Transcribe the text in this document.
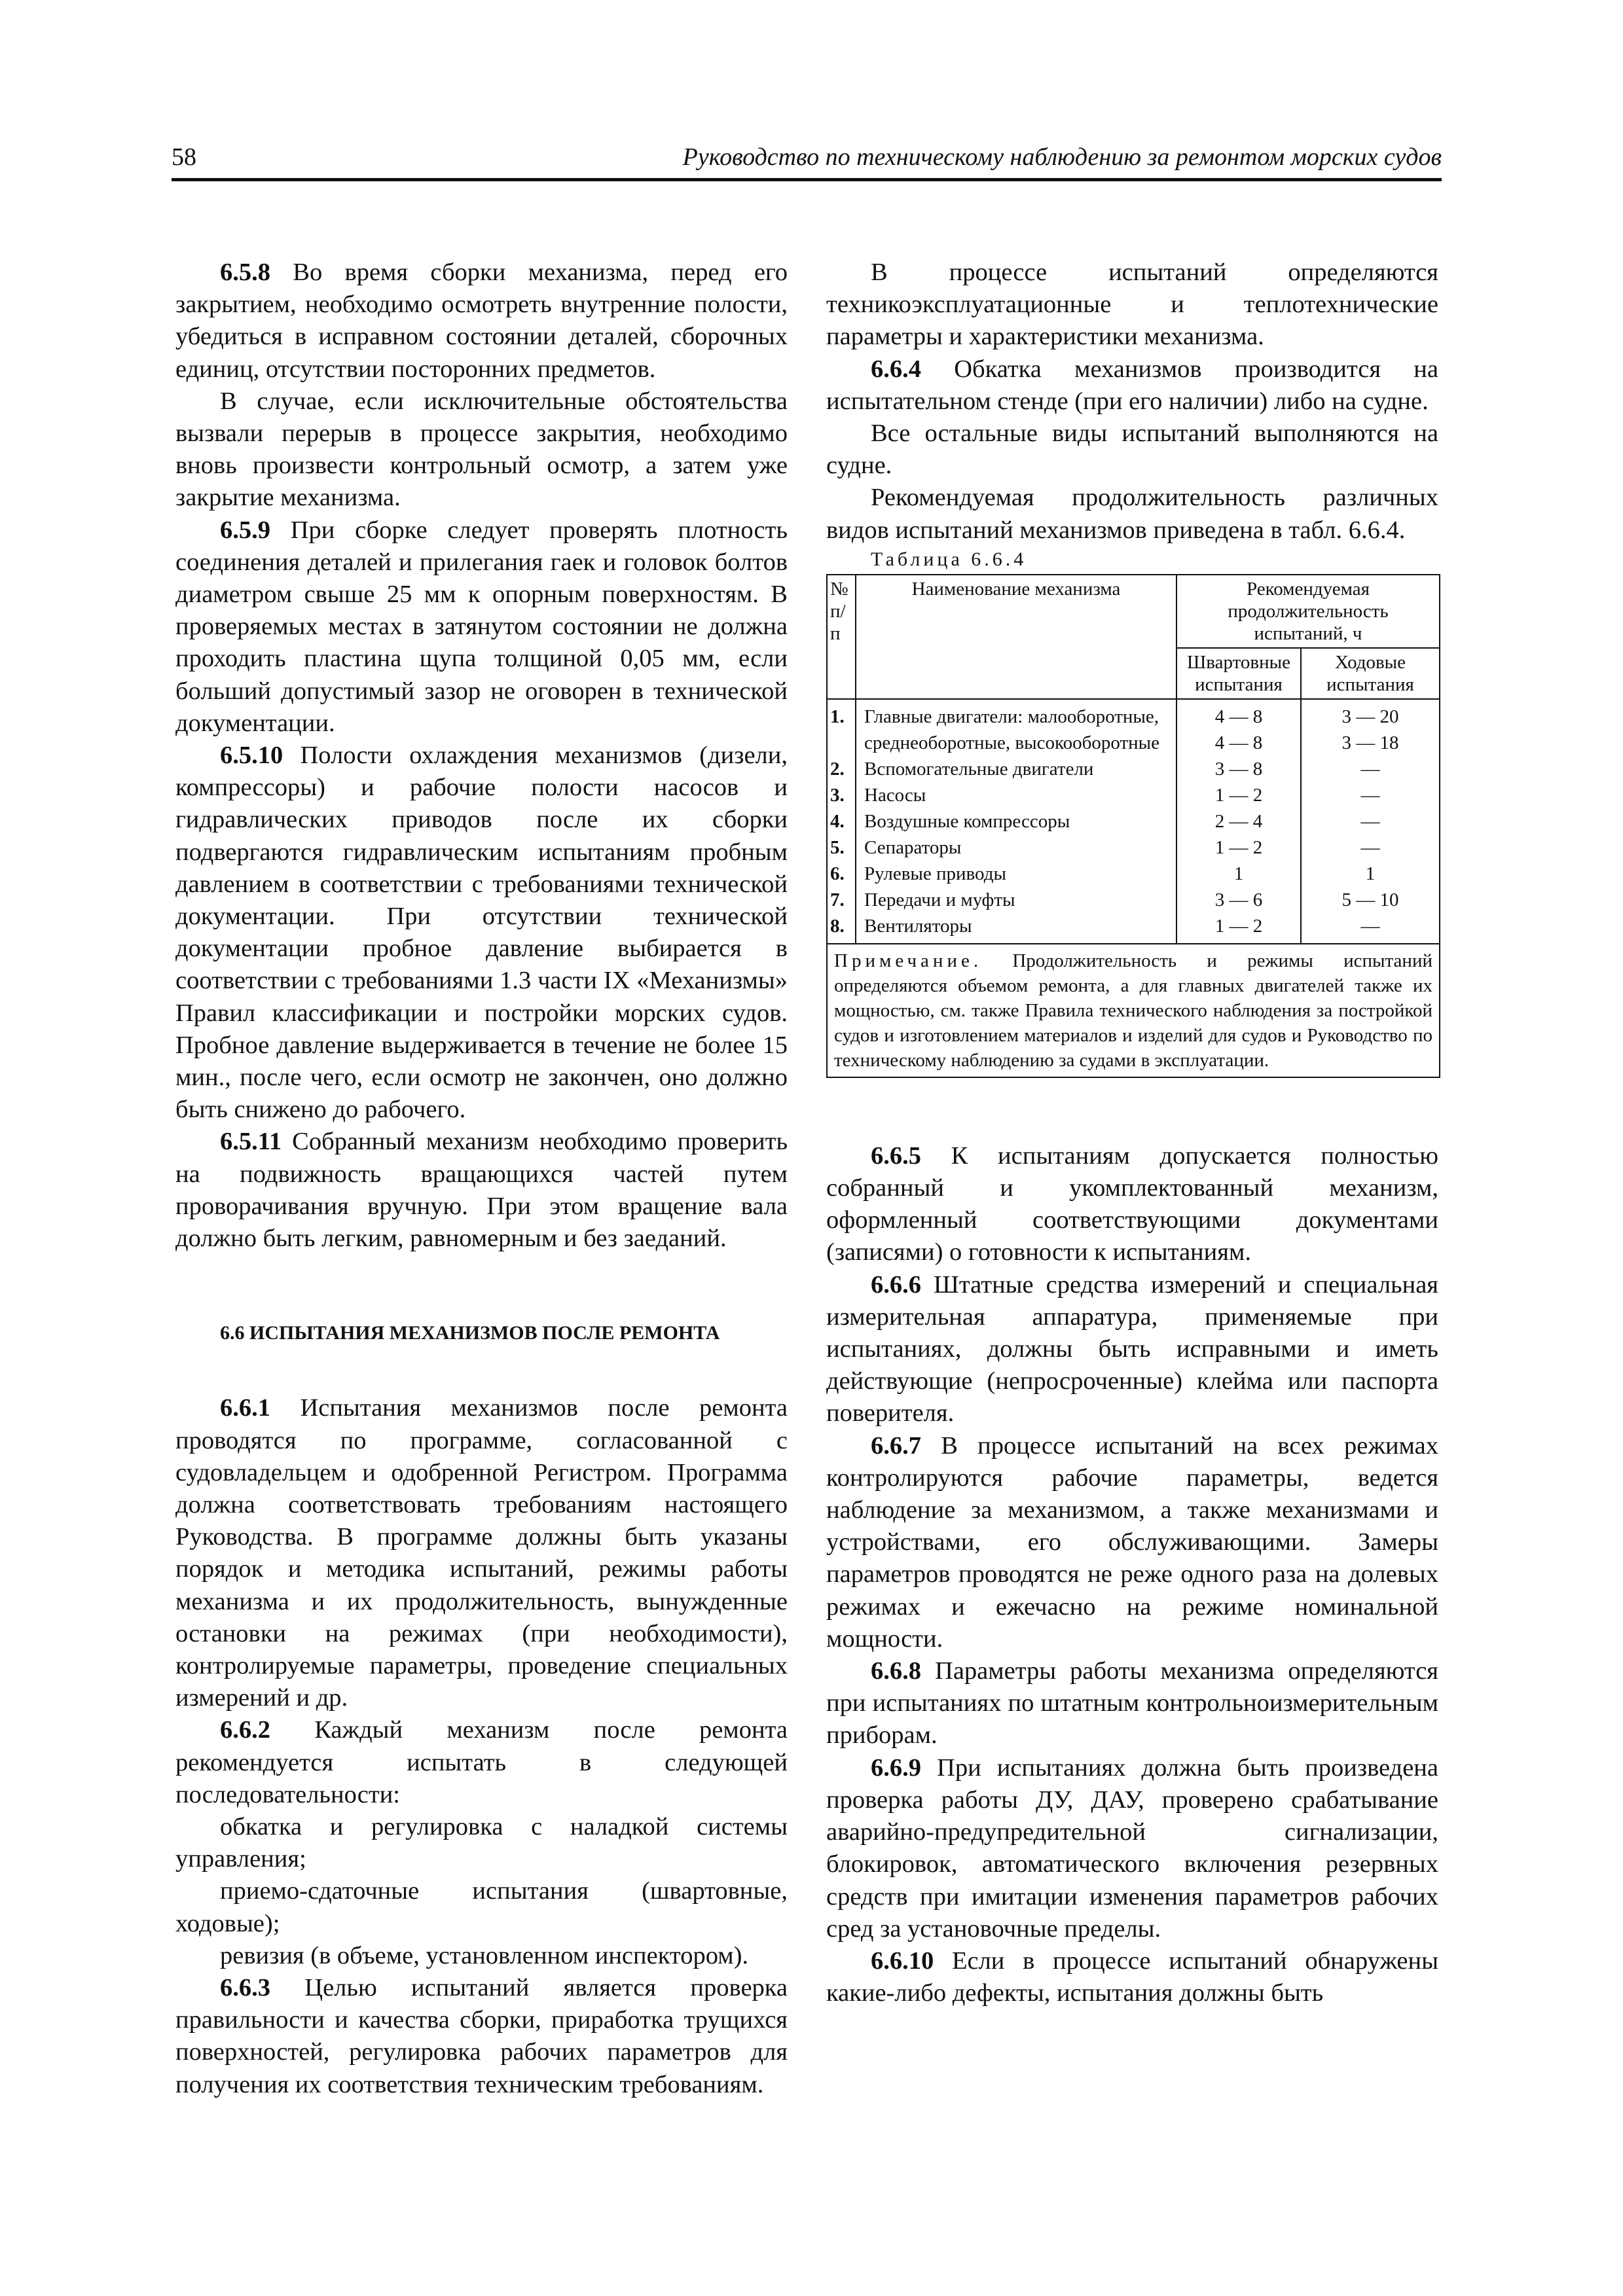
58	Руководство по техническому наблюдению за ремонтом морских судов

6.5.8 Во время сборки механизма, перед его закрытием, необходимо осмотреть внутренние полости, убедиться в исправном состоянии деталей, сборочных единиц, отсутствии посторонних предметов.

В случае, если исключительные обстоятельства вызвали перерыв в процессе закрытия, необходимо вновь произвести контрольный осмотр, а затем уже закрытие механизма.

6.5.9 При сборке следует проверять плотность соединения деталей и прилегания гаек и головок болтов диаметром свыше 25 мм к опорным поверхностям. В проверяемых местах в затянутом состоянии не должна проходить пластина щупа толщиной 0,05 мм, если больший допустимый зазор не оговорен в технической документации.

6.5.10 Полости охлаждения механизмов (дизели, компрессоры) и рабочие полости насосов и гидравлических приводов после их сборки подвергаются гидравлическим испытаниям пробным давлением в соответствии с требованиями технической документации. При отсутствии технической документации пробное давление выбирается в соответствии с требованиями 1.3 части IX «Механизмы» Правил классификации и постройки морских судов. Пробное давление выдерживается в течение не более 15 мин., после чего, если осмотр не закончен, оно должно быть снижено до рабочего.

6.5.11 Собранный механизм необходимо проверить на подвижность вращающихся частей путем проворачивания вручную. При этом вращение вала должно быть легким, равномерным и без заеданий.

6.6 ИСПЫТАНИЯ МЕХАНИЗМОВ ПОСЛЕ РЕМОНТА

6.6.1 Испытания механизмов после ремонта проводятся по программе, согласованной с судовладельцем и одобренной Регистром. Программа должна соответствовать требованиям настоящего Руководства. В программе должны быть указаны порядок и методика испытаний, режимы работы механизма и их продолжительность, вынужденные остановки на режимах (при необходимости), контролируемые параметры, проведение специальных измерений и др.

6.6.2 Каждый механизм после ремонта рекомендуется испытать в следующей последовательности:

обкатка и регулировка с наладкой системы управления;

приемо-сдаточные испытания (швартовные, ходовые);

ревизия (в объеме, установленном инспектором).

6.6.3 Целью испытаний является проверка правильности и качества сборки, приработка трущихся поверхностей, регулировка рабочих параметров для получения их соответствия техническим требованиям.

В процессе испытаний определяются техникоэксплуатационные и теплотехнические параметры и характеристики механизма.

6.6.4 Обкатка механизмов производится на испытательном стенде (при его наличии) либо на судне.

Все остальные виды испытаний выполняются на судне.

Рекомендуемая продолжительность различных видов испытаний механизмов приведена в табл. 6.6.4.

Таблица 6.6.4

№ п/ п	Наименование механизма	Рекомендуемая продолжительность испытаний, ч	
		Швартовные испытания	Ходовые испытания
1.	Главные двигатели: малооборотные,	4 — 8	3 — 20
	среднеоборотные, высокооборотные	4 — 8	3 — 18
2.	Вспомогательные двигатели	3 — 8	—
3.	Насосы	1 — 2	—
4.	Воздушные компрессоры	2 — 4	—
5.	Сепараторы	1 — 2	—
6.	Рулевые приводы	1	1
7.	Передачи и муфты	3 — 6	5 — 10
8.	Вентиляторы	1 — 2	—
Примечание. Продолжительность и режимы испытаний определяются объемом ремонта, а для главных двигателей также их мощностью, см. также Правила технического наблюдения за постройкой судов и изготовлением материалов и изделий для судов и Руководство по техническому наблюдению за судами в эксплуатации.			

6.6.5 К испытаниям допускается полностью собранный и укомплектованный механизм, оформленный соответствующими документами (записями) о готовности к испытаниям.

6.6.6 Штатные средства измерений и специальная измерительная аппаратура, применяемые при испытаниях, должны быть исправными и иметь действующие (непросроченные) клейма или паспорта поверителя.

6.6.7 В процессе испытаний на всех режимах контролируются рабочие параметры, ведется наблюдение за механизмом, а также механизмами и устройствами, его обслуживающими. Замеры параметров проводятся не реже одного раза на долевых режимах и ежечасно на режиме номинальной мощности.

6.6.8 Параметры работы механизма определяются при испытаниях по штатным контрольноизмерительным приборам.

6.6.9 При испытаниях должна быть произведена проверка работы ДУ, ДАУ, проверено срабатывание аварийно-предупредительной сигнализации, блокировок, автоматического включения резервных средств при имитации изменения параметров рабочих сред за установочные пределы.

6.6.10 Если в процессе испытаний обнаружены какие-либо дефекты, испытания должны быть
